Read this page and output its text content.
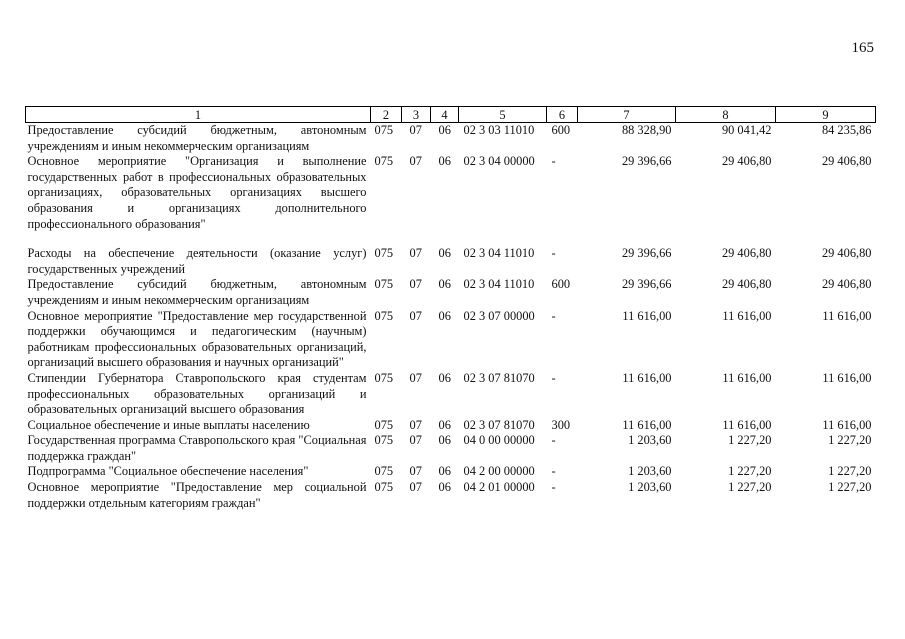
165
1	2	3	4	5	6	7	8	9
Предоставление субсидий бюджетным, автономным учреждениям и иным некоммерческим организациям	075	07	06	02 3 03 11010	600	88 328,90	90 041,42	84 235,86
Основное мероприятие "Организация и выполнение государственных работ в профессиональных образовательных организациях, образовательных организациях высшего образования и организациях дополнительного профессионального образования"	075	07	06	02 3 04 00000	-	29 396,66	29 406,80	29 406,80

Расходы на обеспечение деятельности (оказание услуг) государственных учреждений	075	07	06	02 3 04 11010	-	29 396,66	29 406,80	29 406,80
Предоставление субсидий бюджетным, автономным учреждениям и иным некоммерческим организациям	075	07	06	02 3 04 11010	600	29 396,66	29 406,80	29 406,80
Основное мероприятие "Предоставление мер государственной поддержки обучающимся и педагогическим (научным) работникам профессиональных образовательных организаций, организаций высшего образования и научных организаций"	075	07	06	02 3 07 00000	-	11 616,00	11 616,00	11 616,00
Стипендии Губернатора Ставропольского края студентам профессиональных образовательных организаций и образовательных организаций высшего образования	075	07	06	02 3 07 81070	-	11 616,00	11 616,00	11 616,00
Социальное обеспечение и иные выплаты населению	075	07	06	02 3 07 81070	300	11 616,00	11 616,00	11 616,00
Государственная программа Ставропольского края "Социальная поддержка граждан"	075	07	06	04 0 00 00000	-	1 203,60	1 227,20	1 227,20
Подпрограмма "Социальное обеспечение населения"	075	07	06	04 2 00 00000	-	1 203,60	1 227,20	1 227,20
Основное мероприятие "Предоставление мер социальной поддержки отдельным категориям граждан"	075	07	06	04 2 01 00000	-	1 203,60	1 227,20	1 227,20
